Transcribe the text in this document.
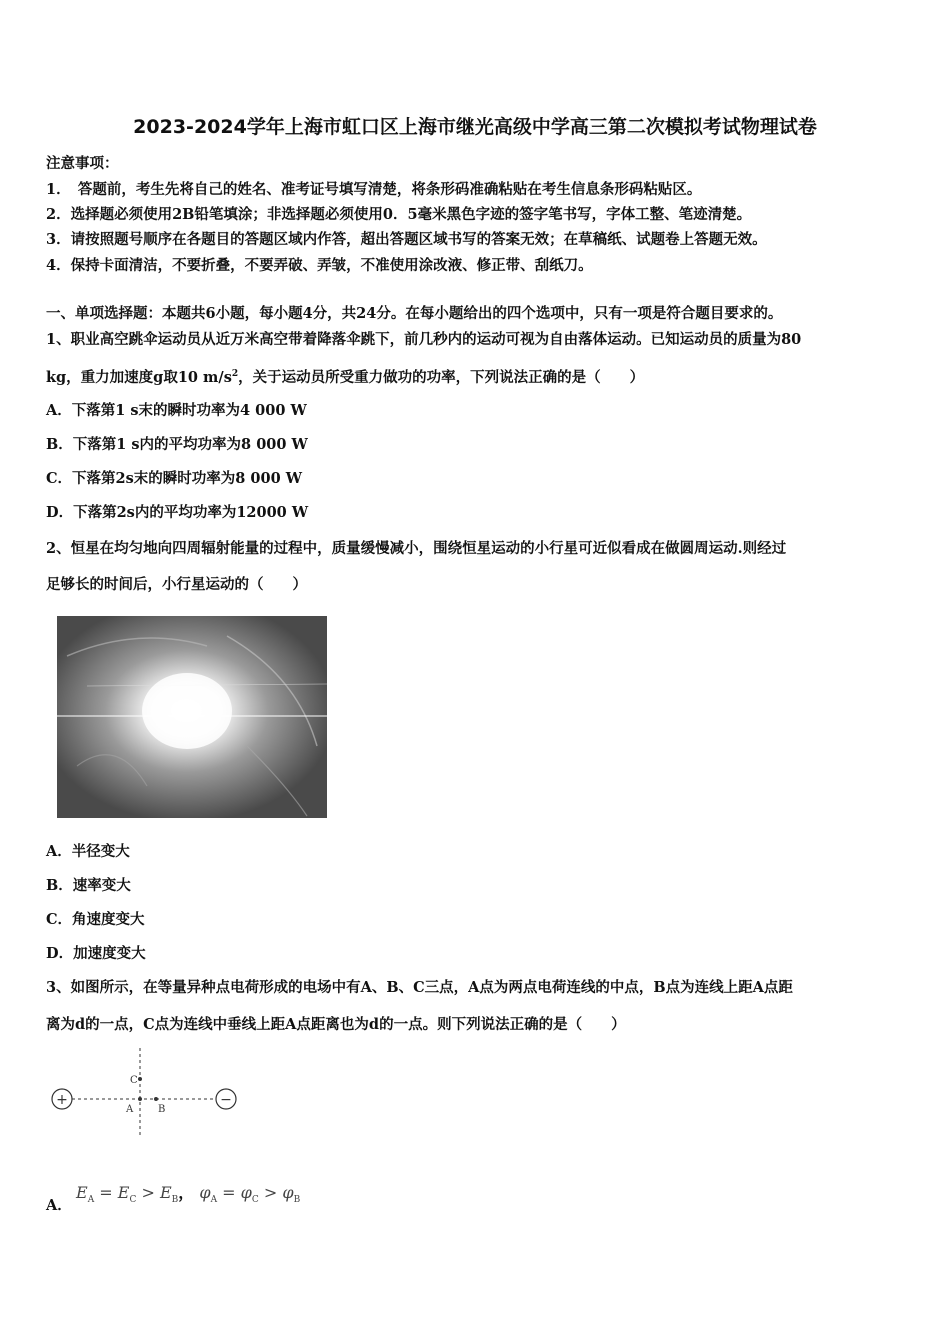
2023-2024学年上海市虹口区上海市继光高级中学高三第二次模拟考试物理试卷
注意事项：
1．　答题前，考生先将自己的姓名、准考证号填写清楚，将条形码准确粘贴在考生信息条形码粘贴区。
2．选择题必须使用2B铅笔填涂；非选择题必须使用0．5毫米黑色字迹的签字笔书写，字体工整、笔迹清楚。
3．请按照题号顺序在各题目的答题区域内作答，超出答题区域书写的答案无效；在草稿纸、试题卷上答题无效。
4．保持卡面清洁，不要折叠，不要弄破、弄皱，不准使用涂改液、修正带、刮纸刀。
一、单项选择题：本题共6小题，每小题4分，共24分。在每小题给出的四个选项中，只有一项是符合题目要求的。
1、职业高空跳伞运动员从近万米高空带着降落伞跳下，前几秒内的运动可视为自由落体运动。已知运动员的质量为80
kg，重力加速度g取10 $m/s^2$，关于运动员所受重力做功的功率，下列说法正确的是（　　）
A．下落第1 s末的瞬时功率为4 000 W
B．下落第1 s内的平均功率为8 000 W
C．下落第2s末的瞬时功率为8 000 W
D．下落第2s内的平均功率为12000 W
2、恒星在均匀地向四周辐射能量的过程中，质量缓慢减小，围绕恒星运动的小行星可近似看成在做圆周运动.则经过
足够长的时间后，小行星运动的（　　）
A．半径变大
B．速率变大
C．角速度变大
D．加速度变大
3、如图所示，在等量异种点电荷形成的电场中有A、B、C三点，A点为两点电荷连线的中点，B点为连线上距A点距
离为d的一点，C点为连线中垂线上距A点距离也为d的一点。则下列说法正确的是（　　）
+	−
C
A B
A．
$E_A = E_C > E_B$， $\varphi_A = \varphi_C > \varphi_B$
